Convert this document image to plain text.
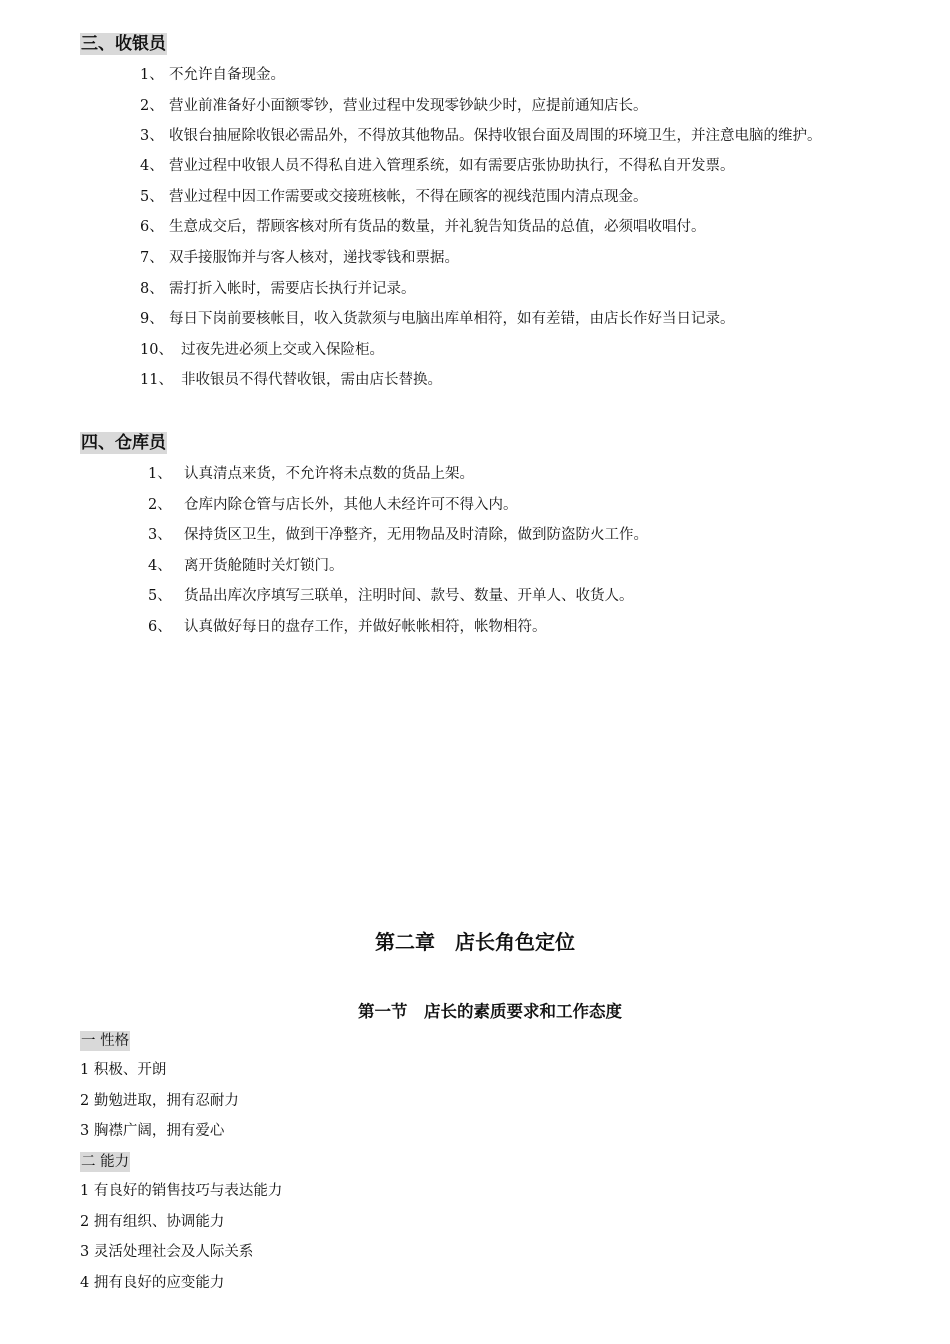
三、收银员
1、 不允许自备现金。
2、 营业前准备好小面额零钞，营业过程中发现零钞缺少时，应提前通知店长。
3、 收银台抽屉除收银必需品外，不得放其他物品。保持收银台面及周围的环境卫生，并注意电脑的维护。
4、 营业过程中收银人员不得私自进入管理系统，如有需要店张协助执行，不得私自开发票。
5、 营业过程中因工作需要或交接班核帐，不得在顾客的视线范围内清点现金。
6、 生意成交后，帮顾客核对所有货品的数量，并礼貌告知货品的总值，必须唱收唱付。
7、 双手接服饰并与客人核对，递找零钱和票据。
8、 需打折入帐时，需要店长执行并记录。
9、 每日下岗前要核帐目，收入货款须与电脑出库单相符，如有差错，由店长作好当日记录。
10、 过夜先进必须上交或入保险柜。
11、 非收银员不得代替收银，需由店长替换。
四、仓库员
1、 认真清点来货，不允许将未点数的货品上架。
2、 仓库内除仓管与店长外，其他人未经许可不得入内。
3、 保持货区卫生，做到干净整齐，无用物品及时清除，做到防盗防火工作。
4、 离开货舱随时关灯锁门。
5、 货品出库次序填写三联单，注明时间、款号、数量、开单人、收货人。
6、 认真做好每日的盘存工作，并做好帐帐相符，帐物相符。
第二章　店长角色定位
第一节　店长的素质要求和工作态度
一 性格
1 积极、开朗
2 勤勉进取，拥有忍耐力
3 胸襟广阔，拥有爱心
二 能力
1 有良好的销售技巧与表达能力
2 拥有组织、协调能力
3 灵活处理社会及人际关系
4 拥有良好的应变能力
